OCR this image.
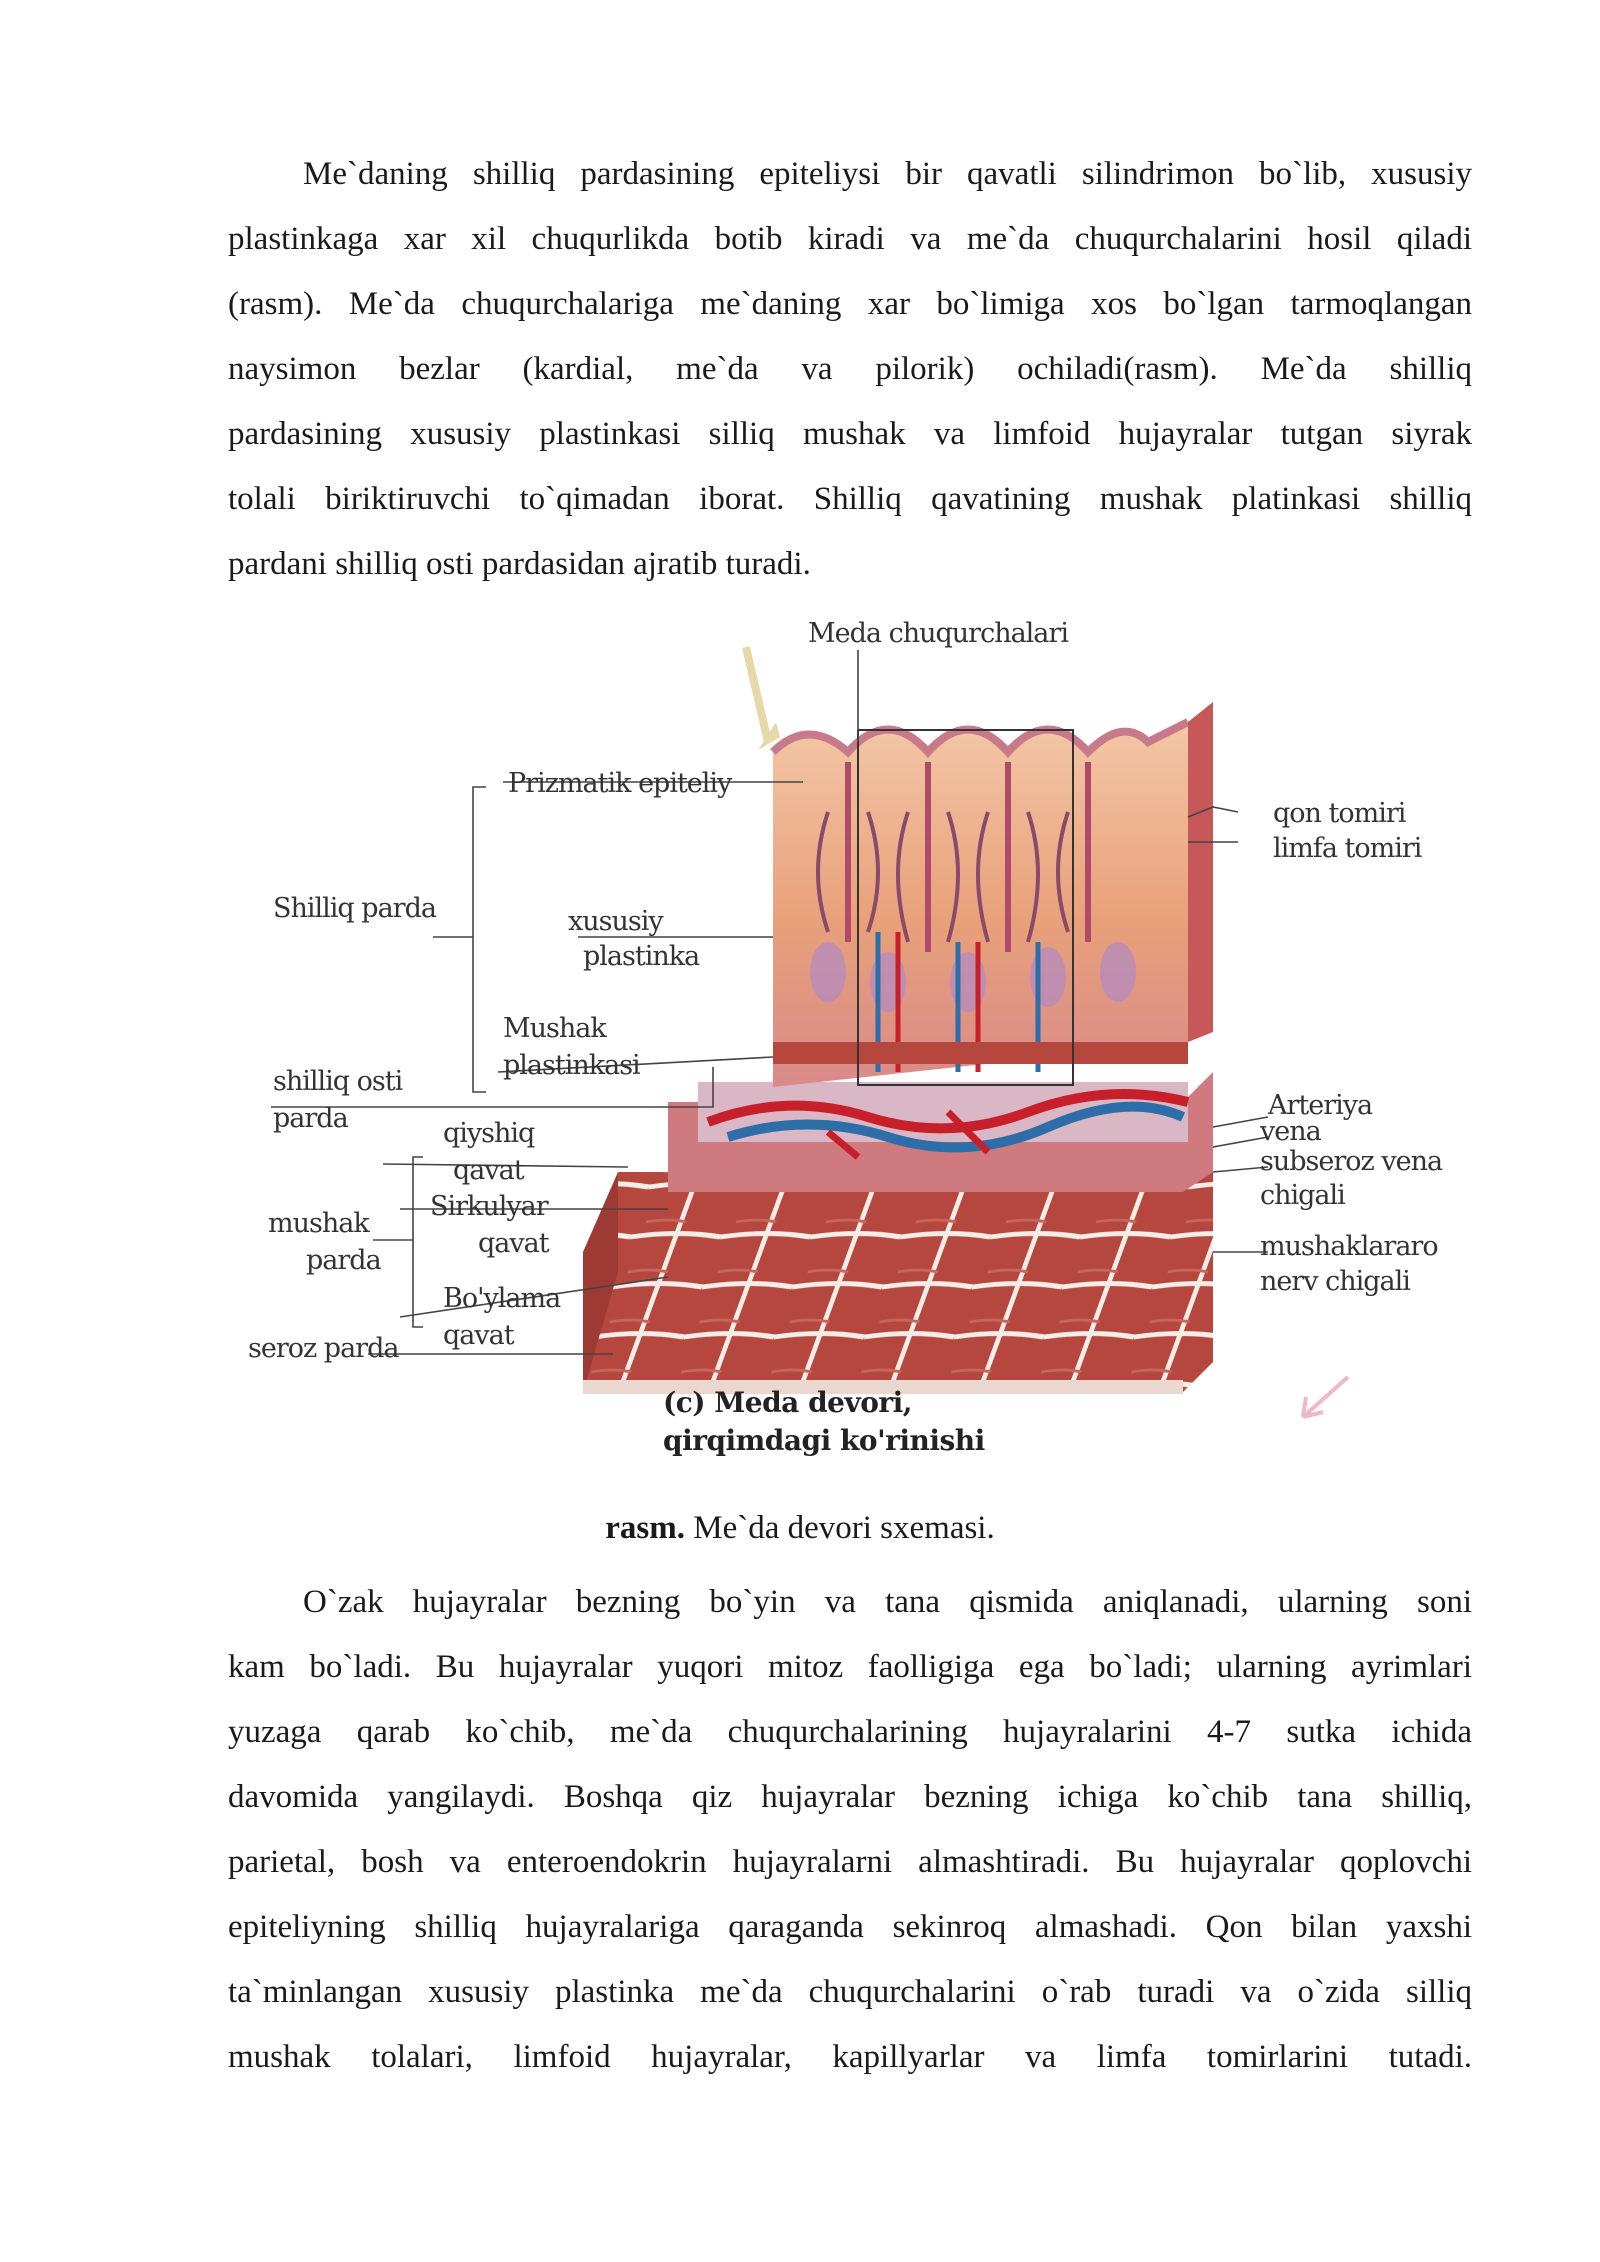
Me`daning shilliq pardasining epiteliysi bir qavatli silindrimon bo`lib, xususiy
plastinkaga xar xil chuqurlikda botib kiradi va me`da chuqurchalarini hosil qiladi
(rasm). Me`da chuqurchalariga me`daning xar bo`limiga xos bo`lgan tarmoqlangan
naysimon bezlar (kardial, me`da va pilorik) ochiladi(rasm). Me`da shilliq
pardasining xususiy plastinkasi silliq mushak va limfoid hujayralar tutgan siyrak
tolali biriktiruvchi to`qimadan iborat. Shilliq qavatining mushak platinkasi shilliq
pardani shilliq osti pardasidan ajratib turadi.
Meda chuqurchalari
Prizmatik epiteliy
Shilliq parda	xususiy
plastinka
Mushak
plastinkasi
shilliq osti
parda	qiyshiq
qavat
Sirkulyar
qavat
mushak
parda
Bo'ylama
qavat
seroz parda
qon tomiri
limfa tomiri
Arteriya
vena
subseroz vena
chigali
mushaklararo
nerv chigali
(c) Meda devori,
qirqimdagi ko'rinishi
rasm. Me`da devori sxemasi.
O`zak hujayralar bezning bo`yin va tana qismida aniqlanadi, ularning soni
kam bo`ladi. Bu hujayralar yuqori mitoz faolligiga ega bo`ladi; ularning ayrimlari
yuzaga qarab ko`chib, me`da chuqurchalarining hujayralarini 4-7 sutka ichida
davomida yangilaydi. Boshqa qiz hujayralar bezning ichiga ko`chib tana shilliq,
parietal, bosh va enteroendokrin hujayralarni almashtiradi. Bu hujayralar qoplovchi
epiteliyning shilliq hujayralariga qaraganda sekinroq almashadi. Qon bilan yaxshi
ta`minlangan xususiy plastinka me`da chuqurchalarini o`rab turadi va o`zida silliq
mushak tolalari, limfoid hujayralar, kapillyarlar va limfa tomirlarini tutadi.
